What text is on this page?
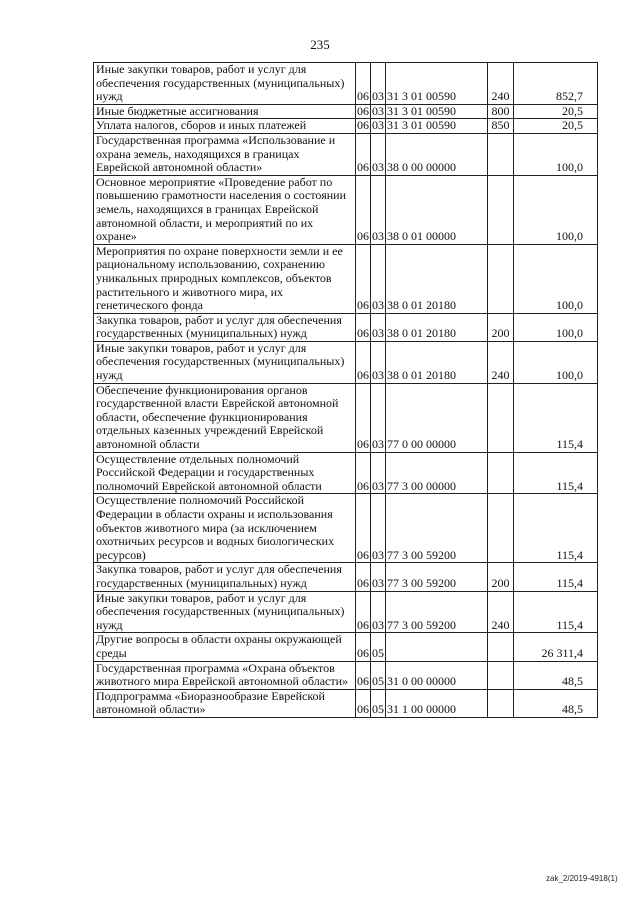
235
Иные закупки товаров, работ и услуг для обеспечения государственных (муниципальных) нужд	06	03	31 3 01 00590	240	852,7
Иные бюджетные ассигнования	06	03	31 3 01 00590	800	20,5
Уплата налогов, сборов и иных платежей	06	03	31 3 01 00590	850	20,5
Государственная программа «Использование и охрана земель, находящихся в границах Еврейской автономной области»	06	03	38 0 00 00000		100,0
Основное мероприятие «Проведение работ по повышению грамотности населения о состоянии земель, находящихся в границах Еврейской автономной области, и мероприятий по их охране»	06	03	38 0 01 00000		100,0
Мероприятия по охране поверхности земли и ее рациональному использованию, сохранению уникальных природных комплексов, объектов растительного и животного мира, их генетического фонда	06	03	38 0 01 20180		100,0
Закупка товаров, работ и услуг для обеспечения государственных (муниципальных) нужд	06	03	38 0 01 20180	200	100,0
Иные закупки товаров, работ и услуг для обеспечения государственных (муниципальных) нужд	06	03	38 0 01 20180	240	100,0
Обеспечение функционирования органов государственной власти Еврейской автономной области, обеспечение функционирования отдельных казенных учреждений Еврейской автономной области	06	03	77 0 00 00000		115,4
Осуществление отдельных полномочий Российской Федерации и государственных полномочий Еврейской автономной области	06	03	77 3 00 00000		115,4
Осуществление полномочий Российской Федерации в области охраны и использования объектов животного мира (за исключением охотничьих ресурсов и водных биологических ресурсов)	06	03	77 3 00 59200		115,4
Закупка товаров, работ и услуг для обеспечения государственных (муниципальных) нужд	06	03	77 3 00 59200	200	115,4
Иные закупки товаров, работ и услуг для обеспечения государственных (муниципальных) нужд	06	03	77 3 00 59200	240	115,4
Другие вопросы в области охраны окружающей среды	06	05			26 311,4
Государственная программа «Охрана объектов животного мира Еврейской автономной области»	06	05	31 0 00 00000		48,5
Подпрограмма «Биоразнообразие Еврейской автономной области»	06	05	31 1 00 00000		48,5
zak_2/2019-4918(1)
